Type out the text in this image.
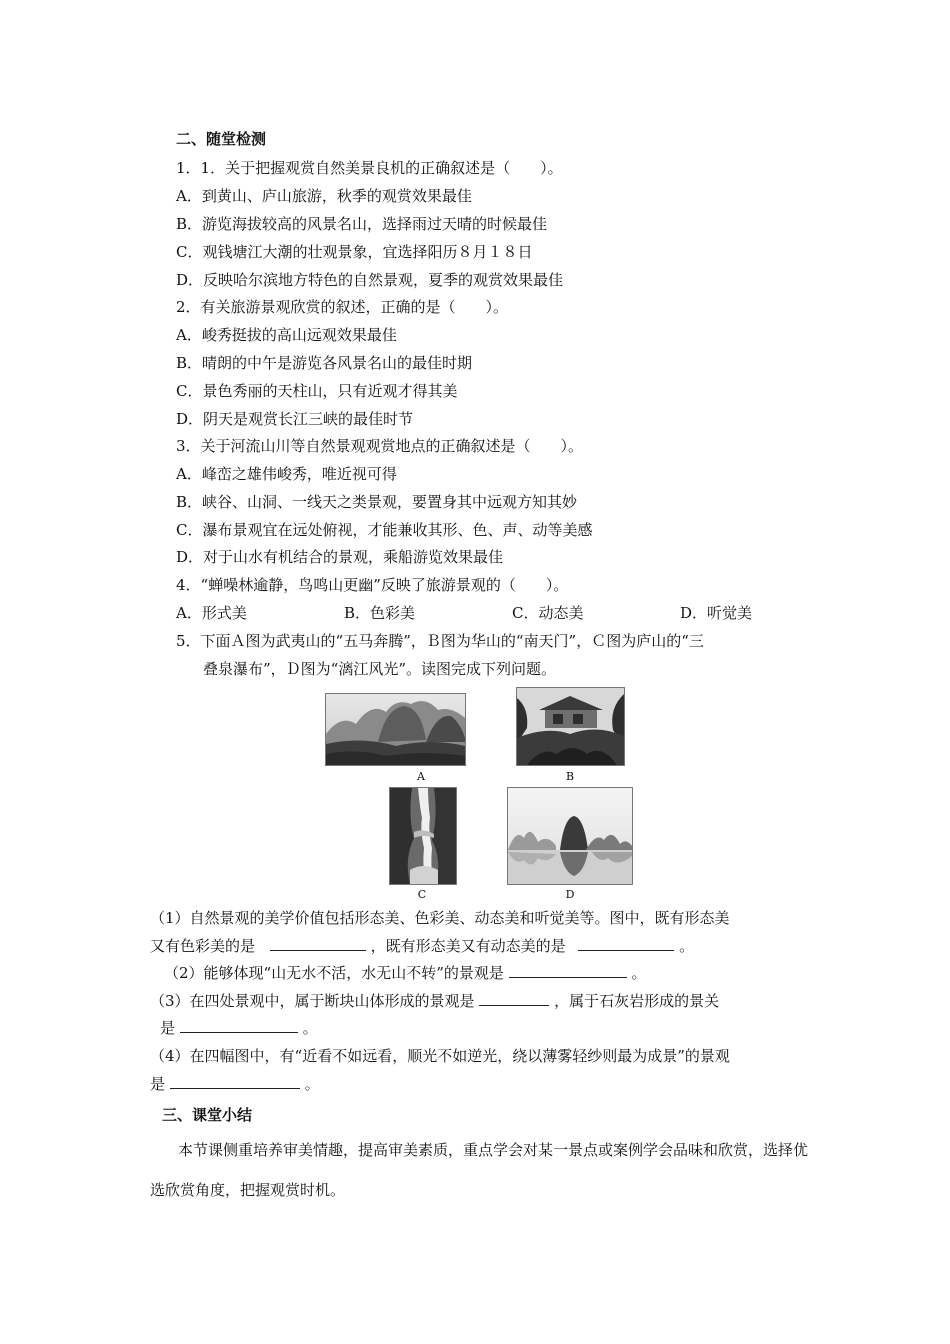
二、随堂检测
1．1．关于把握观赏自然美景良机的正确叙述是（　　）。
A．到黄山、庐山旅游，秋季的观赏效果最佳
B．游览海拔较高的风景名山，选择雨过天晴的时候最佳
C．观钱塘江大潮的壮观景象，宜选择阳历８月１８日
D．反映哈尔滨地方特色的自然景观，夏季的观赏效果最佳
2．有关旅游景观欣赏的叙述，正确的是（　　）。
A．峻秀挺拔的高山远观效果最佳
B．晴朗的中午是游览各风景名山的最佳时期
C．景色秀丽的天柱山，只有近观才得其美
D．阴天是观赏长江三峡的最佳时节
3．关于河流山川等自然景观观赏地点的正确叙述是（　　）。
A．峰峦之雄伟峻秀，唯近视可得
B．峡谷、山洞、一线天之类景观，要置身其中远观方知其妙
C．瀑布景观宜在远处俯视，才能兼收其形、色、声、动等美感
D．对于山水有机结合的景观，乘船游览效果最佳
4．“蝉噪林逾静，鸟鸣山更幽”反映了旅游景观的（　　）。
A．形式美	B．色彩美	C．动态美	D．听觉美
5．下面Ａ图为武夷山的“五马奔腾”，Ｂ图为华山的“南天门”，Ｃ图为庐山的“三
叠泉瀑布”，Ｄ图为“漓江风光”。读图完成下列问题。
A	B
C	D
（1）自然景观的美学价值包括形态美、色彩美、动态美和听觉美等。图中，既有形态美
又有色彩美的是	，既有形态美又有动态美的是	。
（2）能够体现“山无水不活，水无山不转”的景观是	。
（3）在四处景观中，属于断块山体形成的景观是	，属于石灰岩形成的景关
是	。
（4）在四幅图中，有“近看不如远看，顺光不如逆光，绕以薄雾轻纱则最为成景”的景观
是	。
三、课堂小结
本节课侧重培养审美情趣，提高审美素质，重点学会对某一景点或案例学会品味和欣赏，选择优选欣赏角度，把握观赏时机。
